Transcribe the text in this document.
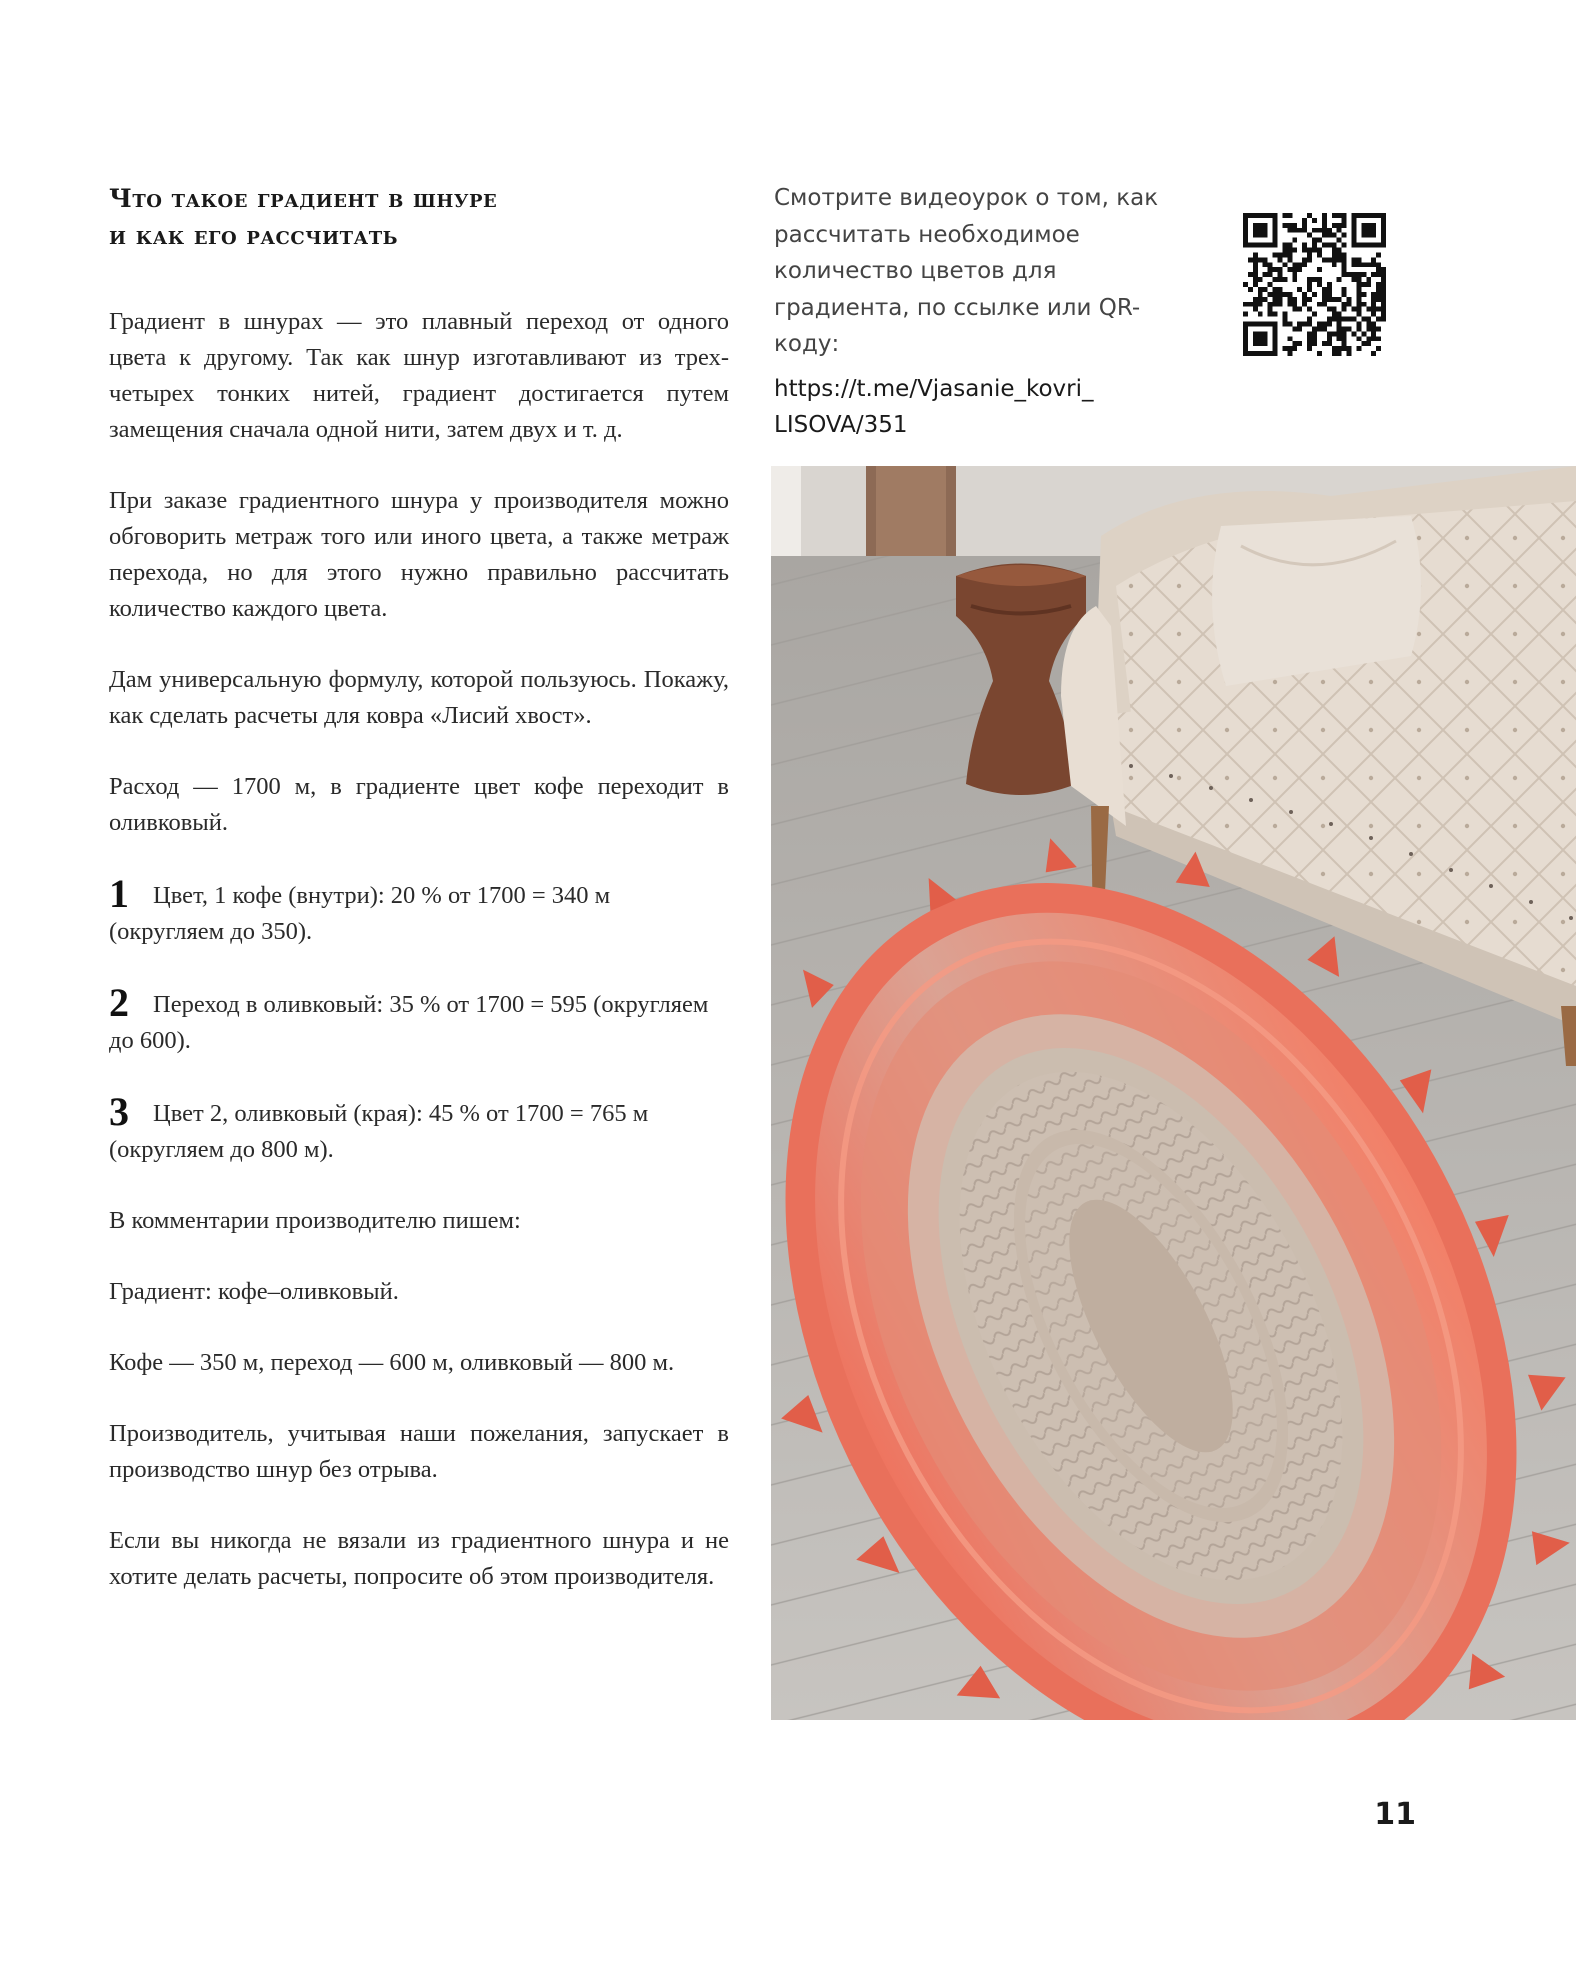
Что такое градиент в шнуре
и как его рассчитать

Градиент в шнурах — это плавный переход от одного цвета к другому. Так как шнур изготавливают из трех-четырех тонких нитей, градиент достигается путем замещения сначала одной нити, затем двух и т. д.

При заказе градиентного шнура у производителя можно обговорить метраж того или иного цвета, а также метраж перехода, но для этого нужно правильно рассчитать количество каждого цвета.

Дам универсальную формулу, которой пользуюсь. Покажу, как сделать расчеты для ковра «Лисий хвост».

Расход — 1700 м, в градиенте цвет кофе переходит в оливковый.

1 Цвет, 1 кофе (внутри): 20 % от 1700 = 340 м (округляем до 350).

2 Переход в оливковый: 35 % от 1700 = 595 (округляем до 600).

3 Цвет 2, оливковый (края): 45 % от 1700 = 765 м (округляем до 800 м).

В комментарии производителю пишем:

Градиент: кофе–оливковый.

Кофе — 350 м, переход — 600 м, оливковый — 800 м.

Производитель, учитывая наши пожелания, запускает в производство шнур без отрыва.

Если вы никогда не вязали из градиентного шнура и не хотите делать расчеты, попросите об этом производителя.

Смотрите видеоурок о том, как рассчитать необходимое количество цветов для градиента, по ссылке или QR-коду:

https://t.me/Vjasanie_kovri_
LISOVA/351

11
